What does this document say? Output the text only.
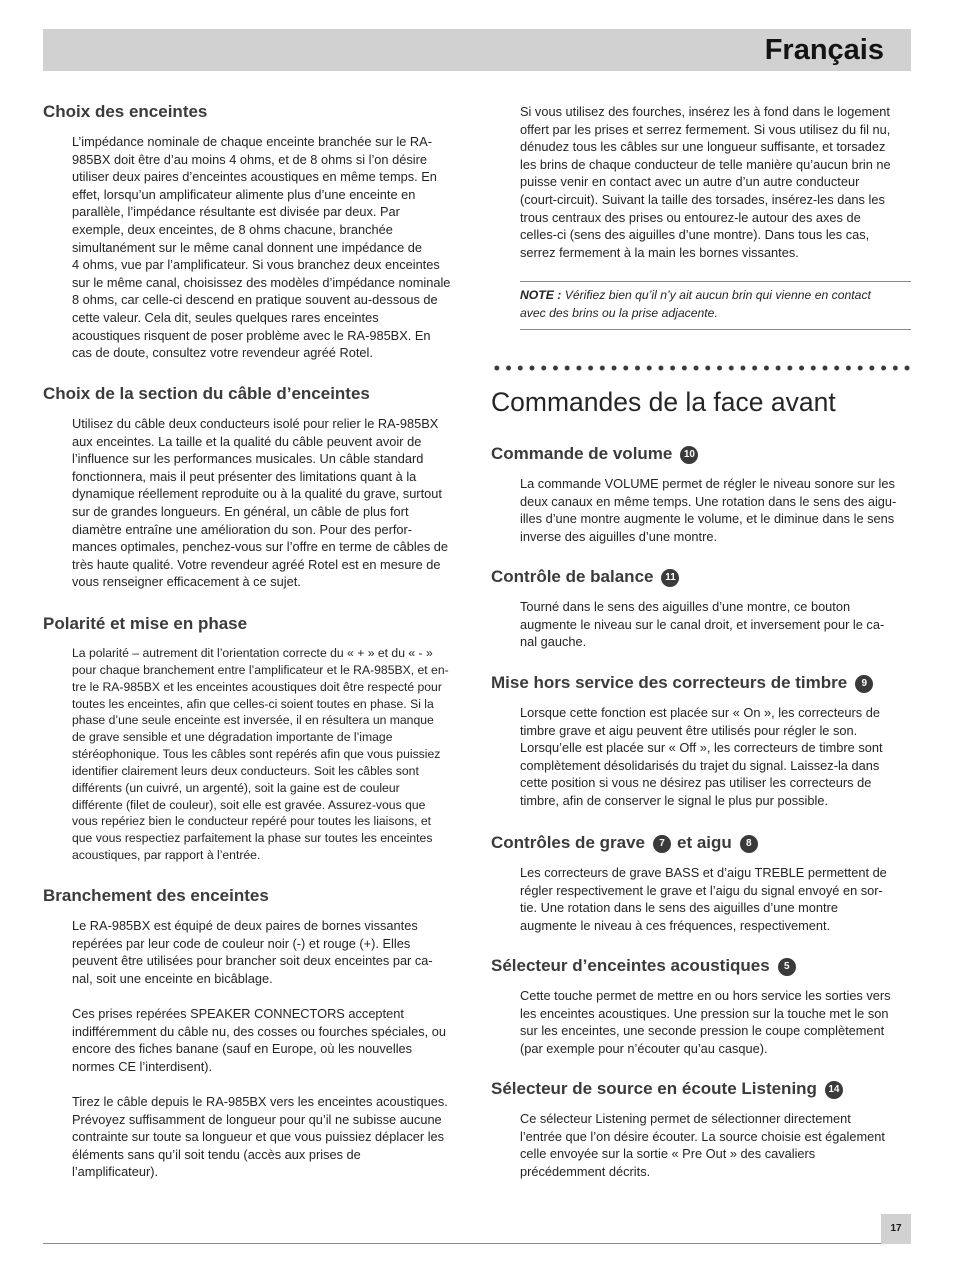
Français
Choix des enceintes
L’impédance nominale de chaque enceinte branchée sur le RA-
985BX doit être d’au moins 4 ohms, et de 8 ohms si l’on désire
utiliser deux paires d’enceintes acoustiques en même temps. En
effet, lorsqu’un amplificateur alimente plus d’une enceinte en
parallèle, l’impédance résultante est divisée par deux. Par
exemple, deux enceintes, de 8 ohms chacune, branchée
simultanément sur le même canal donnent une impédance de
4 ohms, vue par l’amplificateur. Si vous branchez deux enceintes
sur le même canal, choisissez des modèles d’impédance nominale
8 ohms, car celle-ci descend en pratique souvent au-dessous de
cette valeur. Cela dit, seules quelques rares enceintes
acoustiques risquent de poser problème avec le RA-985BX. En
cas de doute, consultez votre revendeur agréé Rotel.
Choix de la section du câble d’enceintes
Utilisez du câble deux conducteurs isolé pour relier le RA-985BX
aux enceintes. La taille et la qualité du câble peuvent avoir de
l’influence sur les performances musicales. Un câble standard
fonctionnera, mais il peut présenter des limitations quant à la
dynamique réellement reproduite ou à la qualité du grave, surtout
sur de grandes longueurs. En général, un câble de plus fort
diamètre entraîne une amélioration du son. Pour des perfor-
mances optimales, penchez-vous sur l’offre en terme de câbles de
très haute qualité. Votre revendeur agréé Rotel est en mesure de
vous renseigner efficacement à ce sujet.
Polarité et mise en phase
La polarité – autrement dit l’orientation correcte du « + » et du « - »
pour chaque branchement entre l’amplificateur et le RA-985BX, et en-
tre le RA-985BX et les enceintes acoustiques doit être respecté pour
toutes les enceintes, afin que celles-ci soient toutes en phase. Si la
phase d’une seule enceinte est inversée, il en résultera un manque
de grave sensible et une dégradation importante de l’image
stéréophonique. Tous les câbles sont repérés afin que vous puissiez
identifier clairement leurs deux conducteurs. Soit les câbles sont
différents (un cuivré, un argenté), soit la gaine est de couleur
différente (filet de couleur), soit elle est gravée. Assurez-vous que
vous repériez bien le conducteur repéré pour toutes les liaisons, et
que vous respectiez parfaitement la phase sur toutes les enceintes
acoustiques, par rapport à l’entrée.
Branchement des enceintes
Le RA-985BX est équipé de deux paires de bornes vissantes
repérées par leur code de couleur noir (-) et rouge (+). Elles
peuvent être utilisées pour brancher soit deux enceintes par ca-
nal, soit une enceinte en bicâblage.
Ces prises repérées SPEAKER CONNECTORS acceptent
indifféremment du câble nu, des cosses ou fourches spéciales, ou
encore des fiches banane (sauf en Europe, où les nouvelles
normes CE l’interdisent).
Tirez le câble depuis le RA-985BX vers les enceintes acoustiques.
Prévoyez suffisamment de longueur pour qu’il ne subisse aucune
contrainte sur toute sa longueur et que vous puissiez déplacer les
éléments sans qu’il soit tendu (accès aux prises de
l’amplificateur).
Si vous utilisez des fourches, insérez les à fond dans le logement
offert par les prises et serrez fermement. Si vous utilisez du fil nu,
dénudez tous les câbles sur une longueur suffisante, et torsadez
les brins de chaque conducteur de telle manière qu’aucun brin ne
puisse venir en contact avec un autre d’un autre conducteur
(court-circuit). Suivant la taille des torsades, insérez-les dans les
trous centraux des prises ou entourez-le autour des axes de
celles-ci (sens des aiguilles d’une montre). Dans tous les cas,
serrez fermement à la main les bornes vissantes.
NOTE : Vérifiez bien qu’il n’y ait aucun brin qui vienne en contact
avec des brins ou la prise adjacente.
Commandes de la face avant
Commande de volume 10
La commande VOLUME permet de régler le niveau sonore sur les
deux canaux en même temps. Une rotation dans le sens des aigu-
illes d’une montre augmente le volume, et le diminue dans le sens
inverse des aiguilles d’une montre.
Contrôle de balance 11
Tourné dans le sens des aiguilles d’une montre, ce bouton
augmente le niveau sur le canal droit, et inversement pour le ca-
nal gauche.
Mise hors service des correcteurs de timbre 9
Lorsque cette fonction est placée sur « On », les correcteurs de
timbre grave et aigu peuvent être utilisés pour régler le son.
Lorsqu’elle est placée sur « Off », les correcteurs de timbre sont
complètement désolidarisés du trajet du signal. Laissez-la dans
cette position si vous ne désirez pas utiliser les correcteurs de
timbre, afin de conserver le signal le plus pur possible.
Contrôles de grave 7 et aigu 8
Les correcteurs de grave BASS et d’aigu TREBLE permettent de
régler respectivement le grave et l’aigu du signal envoyé en sor-
tie. Une rotation dans le sens des aiguilles d’une montre
augmente le niveau à ces fréquences, respectivement.
Sélecteur d’enceintes acoustiques 5
Cette touche permet de mettre en ou hors service les sorties vers
les enceintes acoustiques. Une pression sur la touche met le son
sur les enceintes, une seconde pression le coupe complètement
(par exemple pour n’écouter qu’au casque).
Sélecteur de source en écoute Listening 14
Ce sélecteur Listening permet de sélectionner directement
l’entrée que l’on désire écouter. La source choisie est également
celle envoyée sur la sortie « Pre Out » des cavaliers
précédemment décrits.
17
